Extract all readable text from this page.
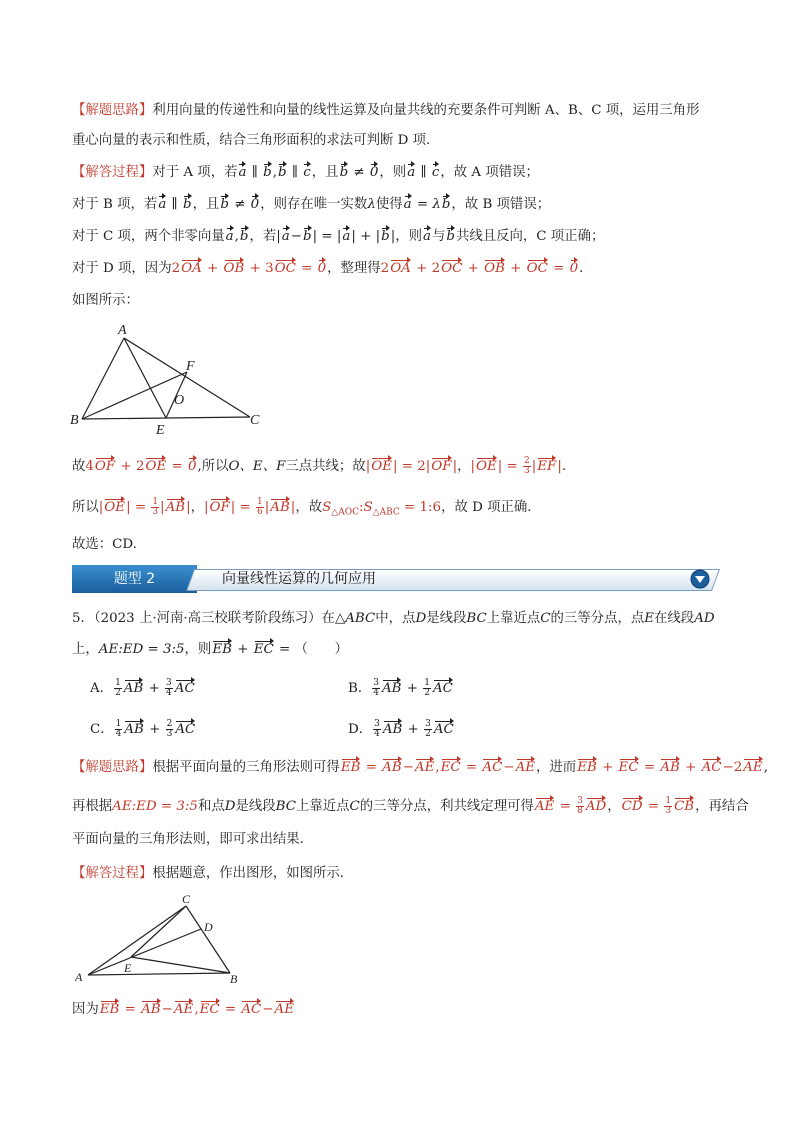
【解题思路】利用向量的传递性和向量的线性运算及向量共线的充要条件可判断 A、B、C 项，运用三角形
重心向量的表示和性质，结合三角形面积的求法可判断 D 项.
【解答过程】对于 A 项，若a ∥ b,b ∥ c，且b ≠ 0，则a ∥ c，故 A 项错误；
对于 B 项，若a ∥ b，且b ≠ 0，则存在唯一实数λ使得a = λb，故 B 项错误；
对于 C 项，两个非零向量a,b，若|a−b| = |a| + |b|，则a与b共线且反向，C 项正确；
对于 D 项，因为2OA + OB + 3OC = 0，整理得2OA + 2OC + OB + OC = 0.
如图所示：
A
F
O
B
E
C
故4OF + 2OE = 0,所以O、E、F三点共线；故|OE| = 2|OF|，$|OE| = \frac{2}{3} |EF|$.
所以$|OE| = \frac{1}{3} |AB|$，$|OF| = \frac{1}{6} |AB|$，故$S_{\triangle AOC}:S_{\triangle ABC}$ = 1:6，故 D 项正确.
故选：CD.
题型 2	向量线性运算的几何应用
5．（2023 上·河南·高三校联考阶段练习）在△ABC中，点D是线段BC上靠近点C的三等分点，点E在线段AD
上，AE:ED = 3:5，则EB + EC = （　　）
A． $\frac{1}{2}$ AB + $\frac{3}{4}$ AC	B． $\frac{3}{4}$ AB + $\frac{1}{2}$ AC
C． $\frac{1}{4}$ AB + $\frac{2}{3}$ AC	D． $\frac{3}{4}$ AB + $\frac{3}{2}$ AC
【解题思路】根据平面向量的三角形法则可得EB = AB−AE,EC = AC−AE，进而EB + EC = AB + AC−2AE,
再根据AE:ED = 3:5和点D是线段BC上靠近点C的三等分点，利共线定理可得AE = $\frac{3}{8}$ AD，CD = $\frac{1}{3}$ CB，再结合
平面向量的三角形法则，即可求出结果.
【解答过程】根据题意，作出图形，如图所示．
C
D
A
E
B
因为EB = AB−AE,EC = AC−AE
